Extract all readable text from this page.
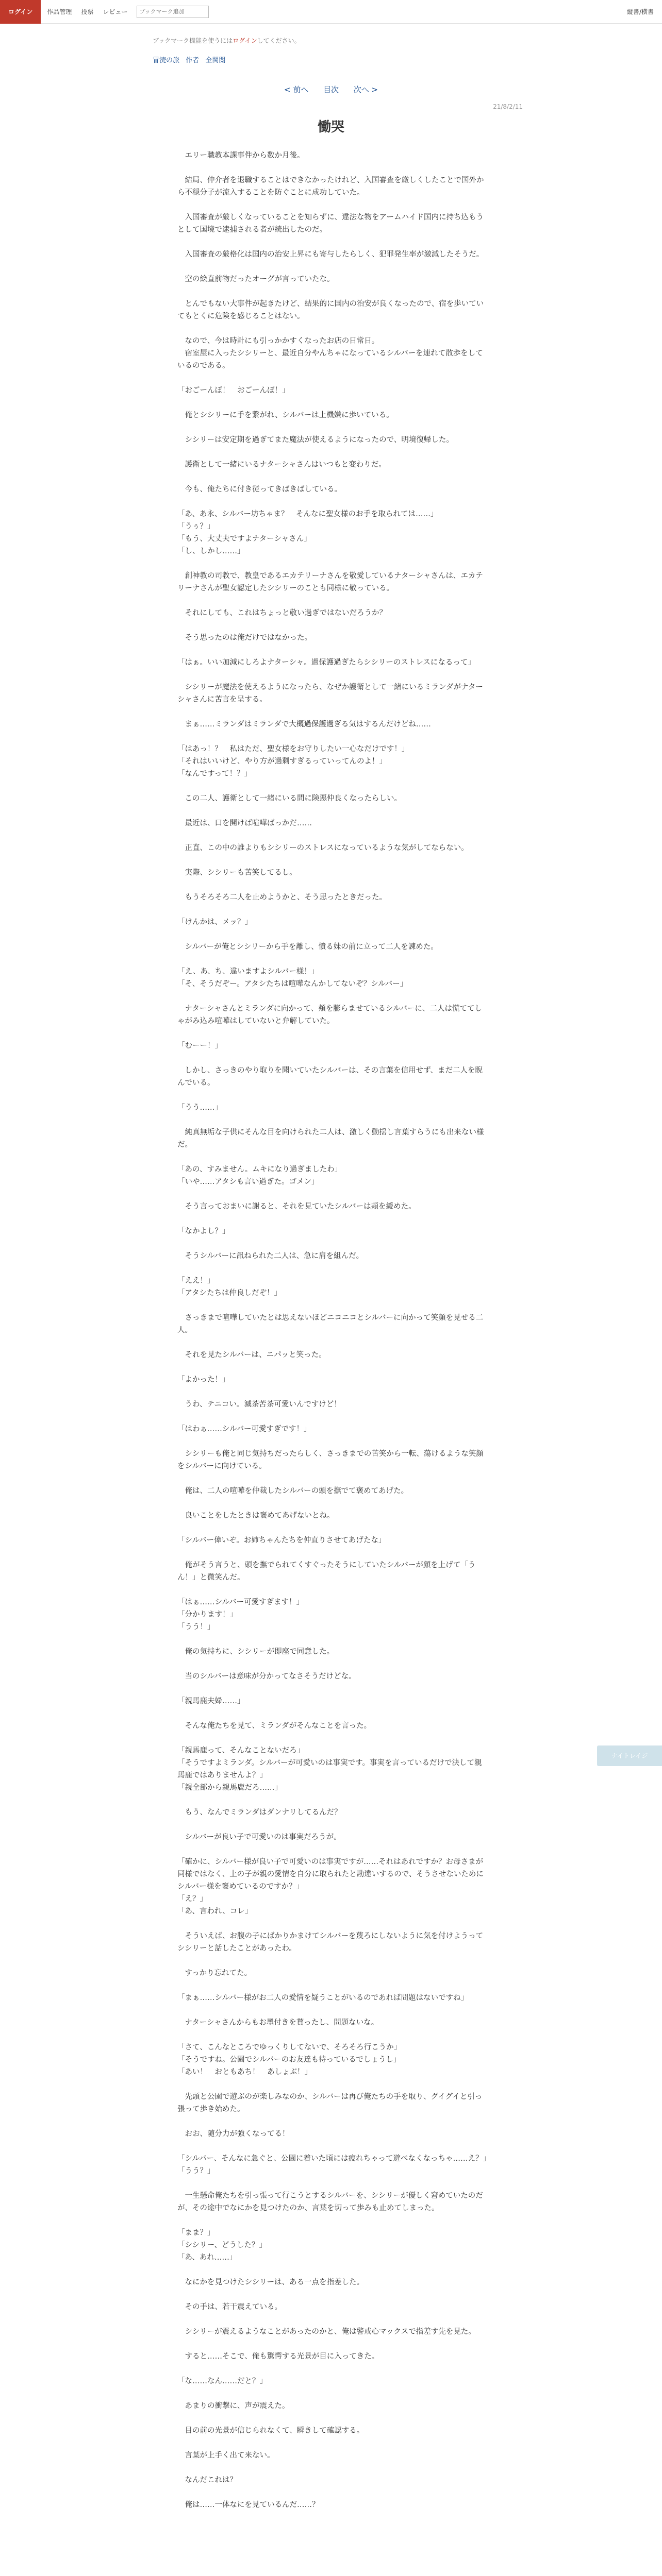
ログイン	作品管理 投票 レビュー
ブックマーク追加	縦書/横書
ブックマーク機能を使うにはログインしてください。
冒涜の旅 作者 全関閲
< 前へ 目次 次へ >
21/8/2/11
慟哭

　エリー職教本課事件から数か月後。

　結局、仲介者を退職することはできなかったけれど、入国審査を厳しくしたことで国外から不穏分子が流入することを防ぐことに成功していた。

　入国審査が厳しくなっていることを知らずに、違法な物をアームハイド国内に持ち込もうとして国境で逮捕される者が続出したのだ。

　入国審査の厳格化は国内の治安上昇にも寄与したらしく、犯罪発生率が激減したそうだ。

　空の絵直前物だったオーグが言っていたな。

　とんでもない大事件が起きたけど、結果的に国内の治安が良くなったので、宿を歩いていてもとくに危険を感じることはない。

　なので、今は時計にも引っかかすくなったお店の日常日。

　宿室屋に入ったシシリーと、最近自分やんちゃになっているシルバーを連れて散歩をしているのである。

「おごーんぼ！　おごーんぼ！」

　俺とシシリーに手を繋がれ、シルバーは上機嫌に歩いている。

　シシリーは安定期を過ぎてまた魔法が使えるようになったので、明境復帰した。

　護衛として一緒にいるナターシャさんはいつもと変わりだ。

　今も、俺たちに付き従ってきばきばしている。

「あ、あ永、シルバー坊ちゃま？　そんなに聖女様のお手を取られては……」

「うぅ？」

「もう、大丈夫ですよナターシャさん」

「し、しかし……」

　創神教の司教で、教皇であるエカテリーナさんを敬愛しているナターシャさんは、エカテリーナさんが聖女認定したシシリーのことも同様に敬っている。

　それにしても、これはちょっと敬い過ぎではないだろうか？

　そう思ったのは俺だけではなかった。

「はぁ。いい加減にしろよナターシャ。過保護過ぎたらシシリーのストレスになるって」

　シシリーが魔法を使えるようになったら、なぜか護衛として一緒にいるミランダがナターシャさんに苦言を呈する。

　まぁ……ミランダはミランダで大概過保護過ぎる気はするんだけどね……

「はあっ！？　私はただ、聖女様をお守りしたい一心なだけです！」

「それはいいけど、やり方が過剰すぎるっていってんのよ！」

「なんですって！？」

　この二人、護衛として一緒にいる間に険悪仲良くなったらしい。

　最近は、口を開けば喧嘩ばっかだ……

　正直、この中の誰よりもシシリーのストレスになっているような気がしてならない。

　実際、シシリーも苦笑してるし。

　もうそろそろ二人を止めようかと、そう思ったときだった。

「けんかは、メッ？」

　シルバーが俺とシシリーから手を離し、憤る妹の前に立って二人を諫めた。

「え、あ、ち、違いますよシルバー様！」

「そ、そうだぞー。アタシたちは喧嘩なんかしてないぞ？シルバー」

　ナターシャさんとミランダに向かって、頬を膨らませているシルバーに、二人は慌ててしゃがみ込み喧嘩はしていないと弁解していた。

「むーー！」

　しかし、さっきのやり取りを聞いていたシルバーは、その言葉を信用せず、まだ二人を睨んでいる。

「うう……」

　純真無垢な子供にそんな目を向けられた二人は、激しく動揺し言葉すらうにも出来ない様だ。

「あの、すみません。ムキになり過ぎましたわ」

「いや……アタシも言い過ぎた。ゴメン」

　そう言っておまいに謝ると、それを見ていたシルバーは頬を緩めた。

「なかよし？」

　そうシルバーに訊ねられた二人は、急に肩を組んだ。

「ええ！」

「アタシたちは仲良しだぞ！」

　さっきまで喧嘩していたとは思えないほどニコニコとシルバーに向かって笑顔を見せる二人。

　それを見たシルバーは、ニパッと笑った。

「よかった！」

　うわ、テニコい。滅茶苦茶可愛いんですけど！

「はわぁ……シルバー可愛すぎです！」

　シシリーも俺と同じ気持ちだったらしく、さっきまでの苦笑から一転、蕩けるような笑顔をシルバーに向けている。

　俺は、二人の喧嘩を仲裁したシルバーの頭を撫でて褒めてあげた。

　良いことをしたときは褒めてあげないとね。

「シルバー偉いぞ。お姉ちゃんたちを仲直りさせてあげたな」

　俺がそう言うと、頭を撫でられてくすぐったそうにしていたシルバーが顔を上げて「うん！」と微笑んだ。

「はぁ……シルバー可愛すぎます！」

「分かります！」

「うう！」

　俺の気持ちに、シシリーが即座で同意した。

　当のシルバーは意味が分かってなさそうだけどな。

「親馬鹿夫婦……」

　そんな俺たちを見て、ミランダがそんなことを言った。

「親馬鹿って、そんなことないだろ」

「そうですよミランダ。シルバーが可愛いのは事実です。事実を言っているだけで決して親馬鹿ではありませんよ？」

「親全部から親馬鹿だろ……」

　もう、なんでミランダはダンナリしてるんだ？

　シルバーが良い子で可愛いのは事実だろうが。

「確かに、シルバー様が良い子で可愛いのは事実ですが……それはあれですか？お母さまが同様ではなく、上の子が親の愛情を自分に取られたと勘違いするので、そうさせないためにシルバー様を褒めているのですか？」

「え？」

「あ、言われ、コレ」

　そういえば、お腹の子にばかりかまけてシルバーを蔑ろにしないように気を付けようってシシリーと話したことがあったわ。

　すっかり忘れてた。

「まぁ……シルバー様がお二人の愛情を疑うことがいるのであれば問題はないですね」

　ナターシャさんからもお墨付きを貰ったし、問題ないな。

「さて、こんなところでゆっくりしてないで、そろそろ行こうか」

「そうですね。公園でシルバーのお友達も待っているでしょうし」

「あい！　おともあち！　あしょぶ！」

　先頭と公園で遊ぶのが楽しみなのか、シルバーは再び俺たちの手を取り、グイグイと引っ張って歩き始めた。

　おお、随分力が強くなってる！

「シルバー、そんなに急ぐと、公園に着いた頃には疲れちゃって遊べなくなっちゃ……え？」

「うう？」

　一生懸命俺たちを引っ張って行こうとするシルバーを、シシリーが優しく窘めていたのだが、その途中でなにかを見つけたのか、言葉を切って歩みも止めてしまった。

「まま？」

「シシリー、どうした？」

「あ、あれ……」

　なにかを見つけたシシリーは、ある一点を指差した。

　その手は、若干震えている。

　シシリーが震えるようなことがあったのかと、俺は警戒心マックスで指差す先を見た。

　すると……そこで、俺も驚愕する光景が目に入ってきた。

「な……なん……だと？」

　あまりの衝撃に、声が震えた。

　目の前の光景が信じられなくて、瞬きして確認する。

　言葉が上手く出て来ない。

　なんだこれは？

　俺は……一体なにを見ているんだ……？

ナイトレイジ
